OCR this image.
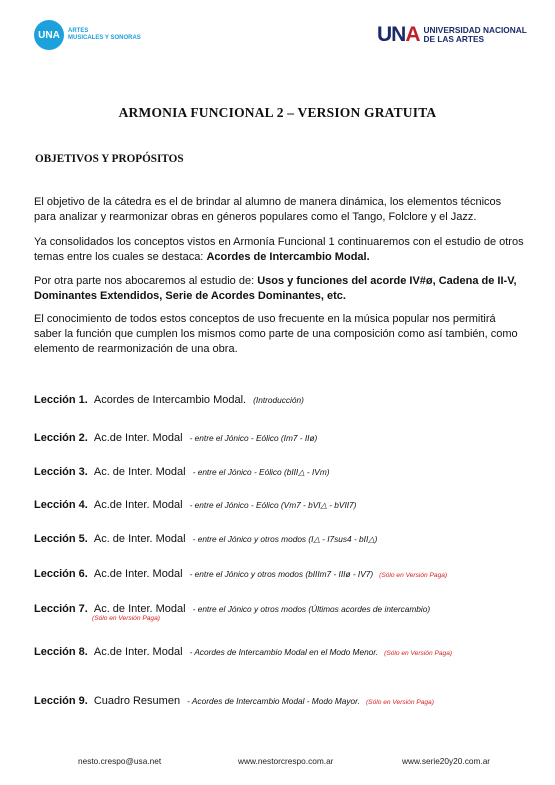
UNA	ARTES
MUSICALES Y SONORAS	UNA UNIVERSIDAD NACIONAL
DE LAS ARTES
ARMONIA FUNCIONAL 2 – VERSION GRATUITA
OBJETIVOS Y PROPÓSITOS
El objetivo de la cátedra es el de brindar al alumno de manera dinámica, los elementos técnicos para analizar y rearmonizar obras en géneros populares como el Tango, Folclore y el Jazz.
Ya consolidados los conceptos vistos en Armonía Funcional 1 continuaremos con el estudio de otros temas entre los cuales se destaca: Acordes de Intercambio Modal.
Por otra parte nos abocaremos al estudio de: Usos y funciones del acorde IV#ø, Cadena de II-V, Dominantes Extendidos, Serie de Acordes Dominantes, etc.
El conocimiento de todos estos conceptos de uso frecuente en la música popular nos permitirá saber la función que cumplen los mismos como parte de una composición como así también, como elemento de rearmonización de una obra.
Lección 1. Acordes de Intercambio Modal. (Introducción)
Lección 2. Ac.de Inter. Modal - entre el Jónico - Eólico (Im7 - IIø)
Lección 3. Ac. de Inter. Modal - entre el Jónico - Eólico (bIII△ - IVm)
Lección 4. Ac.de Inter. Modal - entre el Jónico - Eólico (Vm7 - bVI△ - bVII7)
Lección 5. Ac. de Inter. Modal - entre el Jónico y otros modos (I△ - I7sus4 - bII△)
Lección 6. Ac.de Inter. Modal - entre el Jónico y otros modos (bIIIm7 - IIIø - IV7) (Sólo en Versión Paga)
Lección 7. Ac. de Inter. Modal - entre el Jónico y otros modos (Últimos acordes de intercambio)
(Sólo en Versión Paga)
Lección 8. Ac.de Inter. Modal - Acordes de Intercambio Modal en el Modo Menor. (Sólo en Versión Paga)
Lección 9. Cuadro Resumen - Acordes de Intercambio Modal - Modo Mayor. (Sólo en Versión Paga)
nesto.crespo@usa.net	www.nestorcrespo.com.ar	www.serie20y20.com.ar
